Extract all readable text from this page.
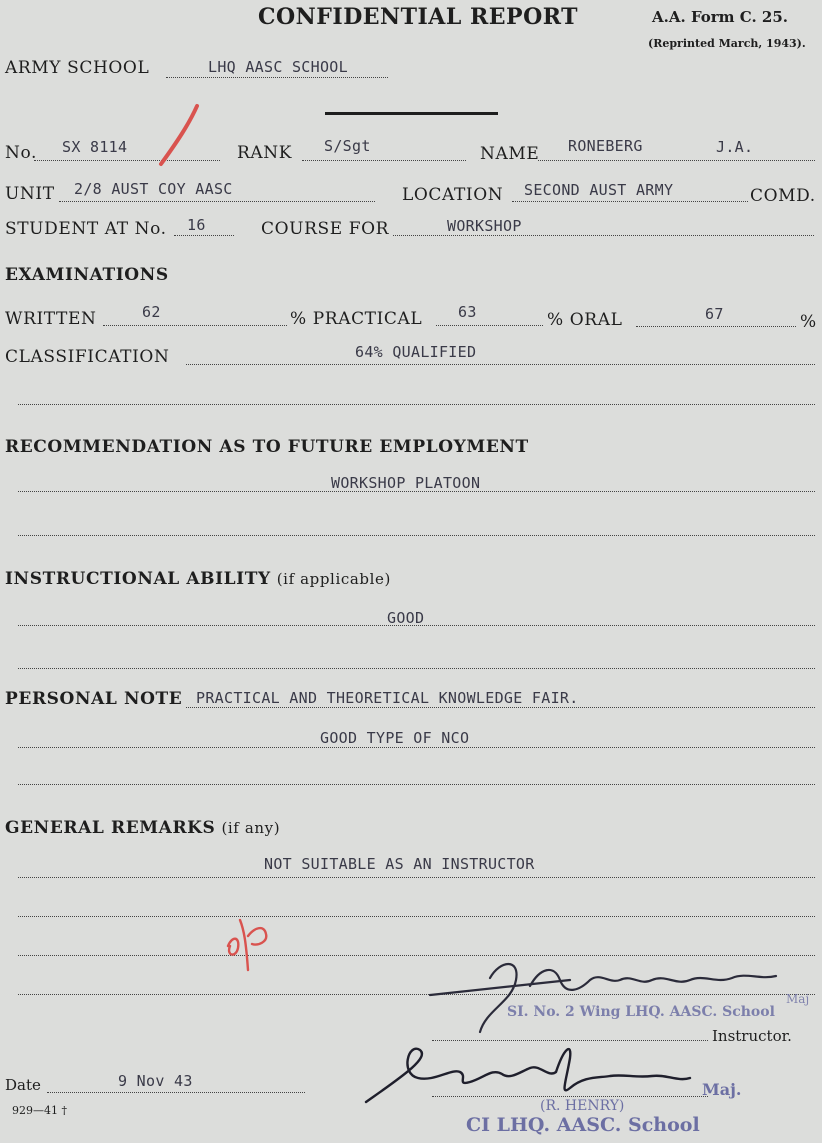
CONFIDENTIAL REPORT	A.A. Form C. 25.
(Reprinted March, 1943).
ARMY SCHOOL	LHQ AASC SCHOOL
No. SX 8114	RANK S/Sgt	NAME RONEBERG	J.A.
UNIT 2/8 AUST COY AASC	LOCATION SECOND AUST ARMY	COMD.
STUDENT AT No. 16	COURSE FOR	WORKSHOP
EXAMINATIONS
WRITTEN	62	% PRACTICAL 63	% ORAL	67	%
CLASSIFICATION	64% QUALIFIED
RECOMMENDATION AS TO FUTURE EMPLOYMENT
WORKSHOP PLATOON
INSTRUCTIONAL ABILITY (if applicable)
GOOD
PERSONAL NOTE PRACTICAL AND THEORETICAL KNOWLEDGE FAIR.
GOOD TYPE OF NCO
GENERAL REMARKS (if any)
NOT SUITABLE AS AN INSTRUCTOR
SI. No. 2 Wing LHQ. AASC. School
Maj
Instructor.
Date	9 Nov 43
929—41 †
Maj.
(R. HENRY)
CI LHQ. AASC. School
